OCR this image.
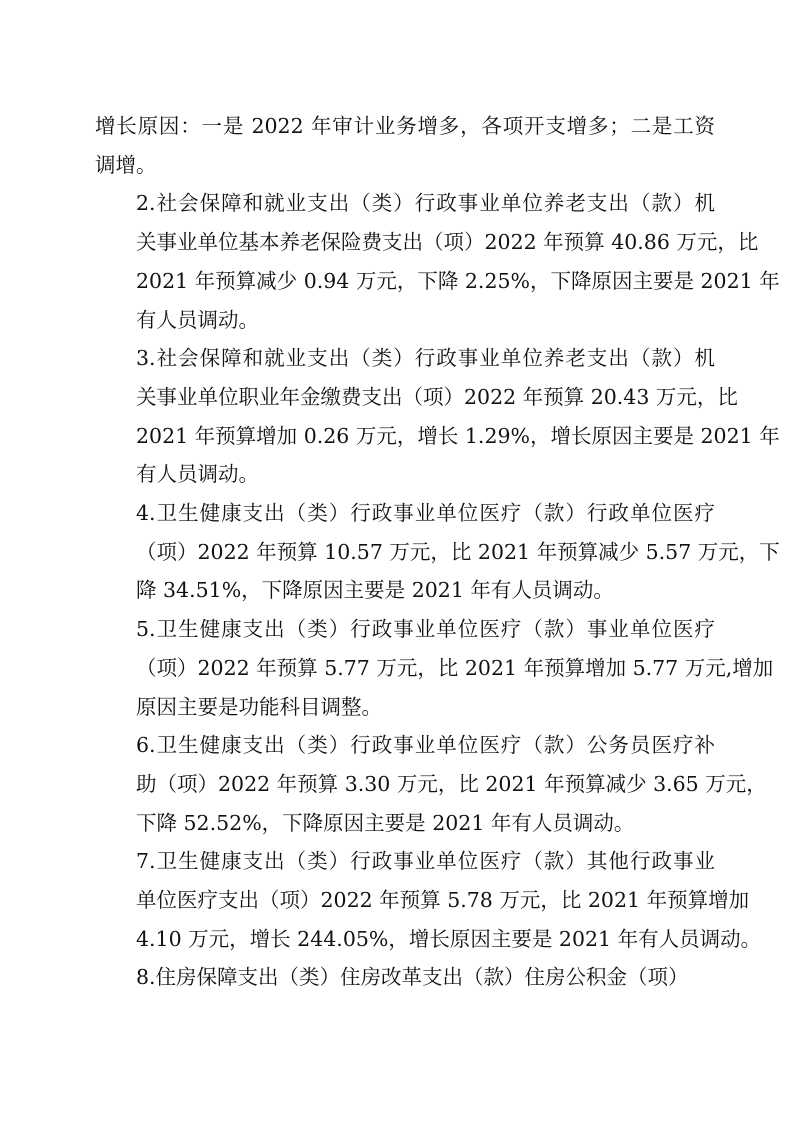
增长原因：一是 2022 年审计业务增多，各项开支增多；二是工资
调增。

2.社会保障和就业支出（类）行政事业单位养老支出（款）机
关事业单位基本养老保险费支出（项）2022 年预算 40.86 万元，比
2021 年预算减少 0.94 万元，下降 2.25%，下降原因主要是 2021 年
有人员调动。

3.社会保障和就业支出（类）行政事业单位养老支出（款）机
关事业单位职业年金缴费支出（项）2022 年预算 20.43 万元，比
2021 年预算增加 0.26 万元，增长 1.29%，增长原因主要是 2021 年
有人员调动。

4.卫生健康支出（类）行政事业单位医疗（款）行政单位医疗
（项）2022 年预算 10.57 万元，比 2021 年预算减少 5.57 万元，下
降 34.51%，下降原因主要是 2021 年有人员调动。

5.卫生健康支出（类）行政事业单位医疗（款）事业单位医疗
（项）2022 年预算 5.77 万元，比 2021 年预算增加 5.77 万元,增加
原因主要是功能科目调整。

6.卫生健康支出（类）行政事业单位医疗（款）公务员医疗补
助（项）2022 年预算 3.30 万元，比 2021 年预算减少 3.65 万元，
下降 52.52%，下降原因主要是 2021 年有人员调动。

7.卫生健康支出（类）行政事业单位医疗（款）其他行政事业
单位医疗支出（项）2022 年预算 5.78 万元，比 2021 年预算增加
4.10 万元，增长 244.05%，增长原因主要是 2021 年有人员调动。

8.住房保障支出（类）住房改革支出（款）住房公积金（项）
